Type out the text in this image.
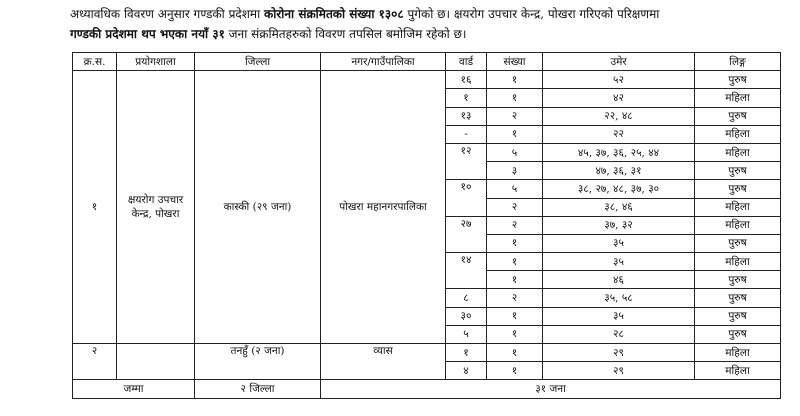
अध्यावधिक विवरण अनुसार गण्डकी प्रदेशमा कोरोना संक्रमितको संख्या १३०८ पुगेको छ। क्षयरोग उपचार केन्द्र, पोखरा गरिएको परिक्षणमा
गण्डकी प्रदेशमा थप भएका नयाँ ३१ जना संक्रमितहरुको विवरण तपसिल बमोजिम रहेको छ।
क्र.स.	प्रयोगशाला	जिल्ला	नगर/गाउँपालिका	वार्ड	संख्या	उमेर	लिङ्ग
१	क्षयरोग उपचार केन्द्र, पोखरा	कास्की (२९ जना)	पोखरा महानगरपालिका	१६	१	५२	पुरुष
				१	१	४२	महिला
				१३	२	२२, ४८	पुरुष
				-	१	२२	महिला
				१२	५	४५, ३७, ३६, २५, ४४	महिला
					३	४७, ३६, ३१	पुरुष
				१०	५	३८, २७, ४८, ३७, ३०	पुरुष
					२	३८, ४६	महिला
				२७	२	३७, ३२	महिला
					१	३५	पुरुष
				१४	१	३५	महिला
					१	४६	पुरुष
				८	२	३५, ५८	पुरुष
				३०	१	३५	पुरुष
				५	१	२८	पुरुष
२		तनहुँ (२ जना)	व्यास	१	१	२९	महिला
				४	१	२९	महिला
जम्मा		२ जिल्ला	३१ जना				
